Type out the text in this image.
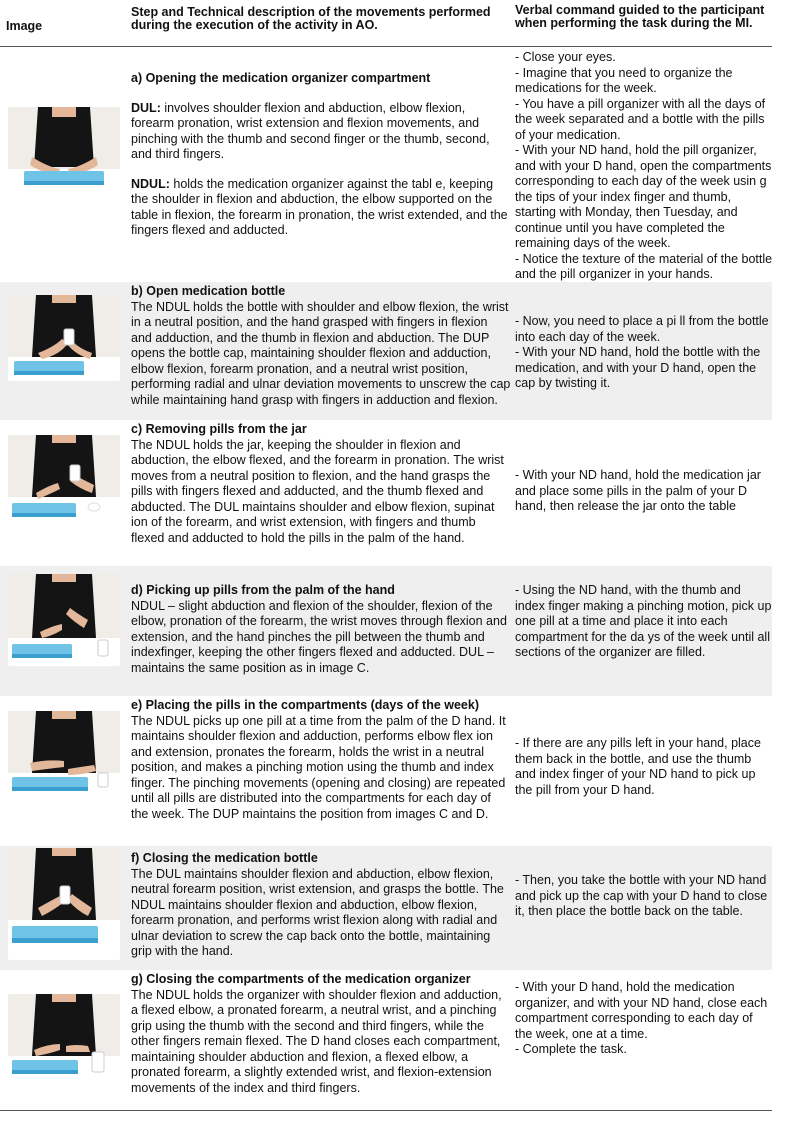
Image
Step and Technical description of the movements performed during the execution of the activity in AO.
Verbal command guided to the participant when performing the task during the MI.
a) Opening the medication organizer compartment

DUL: involves shoulder flexion and abduction, elbow flexion, forearm pronation, wrist extension and flexion movements, and pinching with the thumb and second finger or the thumb, second, and third fingers.

NDUL: holds the medication organizer against the tabl e, keeping the shoulder in flexion and abduction, the elbow supported on the table in flexion, the forearm in pronation, the wrist extended, and the fingers flexed and adducted.

- Close your eyes.
- Imagine that you need to organize the medications for the week.
- You have a pill organizer with all the days of the week separated and a bottle with the pills of your medication.
- With your ND hand, hold the pill organizer, and with your D hand, open the compartments corresponding to each day of the week usin g the tips of your index finger and thumb, starting with Monday, then Tuesday, and continue until you have completed the remaining days of the week.
- Notice the texture of the material of the bottle and the pill organizer in your hands.
b) Open medication bottle

The NDUL holds the bottle with shoulder and elbow flexion, the wrist in a neutral position, and the hand grasped with fingers in flexion and adduction, and the thumb in flexion and abduction. The DUP opens the bottle cap, maintaining shoulder flexion and adduction, elbow flexion, forearm pronation, and a neutral wrist position, performing radial and ulnar deviation movements to unscrew the cap while maintaining hand grasp with fingers in adduction and flexion.

- Now, you need to place a pi ll from the bottle into each day of the week.
- With your ND hand, hold the bottle with the medication, and with your D hand, open the cap by twisting it.
c) Removing pills from the jar

The NDUL holds the jar, keeping the shoulder in flexion and abduction, the elbow flexed, and the forearm in pronation. The wrist moves from a neutral position to flexion, and the hand grasps the pills with fingers flexed and adducted, and the thumb flexed and abducted. The DUL maintains shoulder and elbow flexion, supinat ion of the forearm, and wrist extension, with fingers and thumb flexed and adducted to hold the pills in the palm of the hand.

- With your ND hand, hold the medication jar and place some pills in the palm of your D hand, then release the jar onto the table
d) Picking up pills from the palm of the hand

NDUL – slight abduction and flexion of the shoulder, flexion of the elbow, pronation of the forearm, the wrist moves through flexion and extension, and the hand pinches the pill between the thumb and indexfinger, keeping the other fingers flexed and adducted. DUL – maintains the same position as in image C.

- Using the ND hand, with the thumb and index finger making a pinching motion, pick up one pill at a time and place it into each compartment for the da ys of the week until all sections of the organizer are filled.
e) Placing the pills in the compartments (days of the week)

The NDUL picks up one pill at a time from the palm of the D hand. It maintains shoulder flexion and adduction, performs elbow flex ion and extension, pronates the forearm, holds the wrist in a neutral position, and makes a pinching motion using the thumb and index finger. The pinching movements (opening and closing) are repeated until all pills are distributed into the compartments for each day of the week. The DUP maintains the position from images C and D.

- If there are any pills left in your hand, place them back in the bottle, and use the thumb and index finger of your ND hand to pick up the pill from your D hand.
f) Closing the medication bottle

The DUL maintains shoulder flexion and abduction, elbow flexion, neutral forearm position, wrist extension, and grasps the bottle. The NDUL maintains shoulder flexion and abduction, elbow flexion, forearm pronation, and performs wrist flexion along with radial and ulnar deviation to screw the cap back onto the bottle, maintaining grip with the hand.

- Then, you take the bottle with your ND hand and pick up the cap with your D hand to close it, then place the bottle back on the table.
g) Closing the compartments of the medication organizer

The NDUL holds the organizer with shoulder flexion and adduction, a flexed elbow, a pronated forearm, a neutral wrist, and a pinching grip using the thumb with the second and third fingers, while the other fingers remain flexed. The D hand closes each compartment, maintaining shoulder abduction and flexion, a flexed elbow, a pronated forearm, a slightly extended wrist, and flexion-extension movements of the index and third fingers.

- With your D hand, hold the medication organizer, and with your ND hand, close each compartment corresponding to each day of the week, one at a time.
- Complete the task.
